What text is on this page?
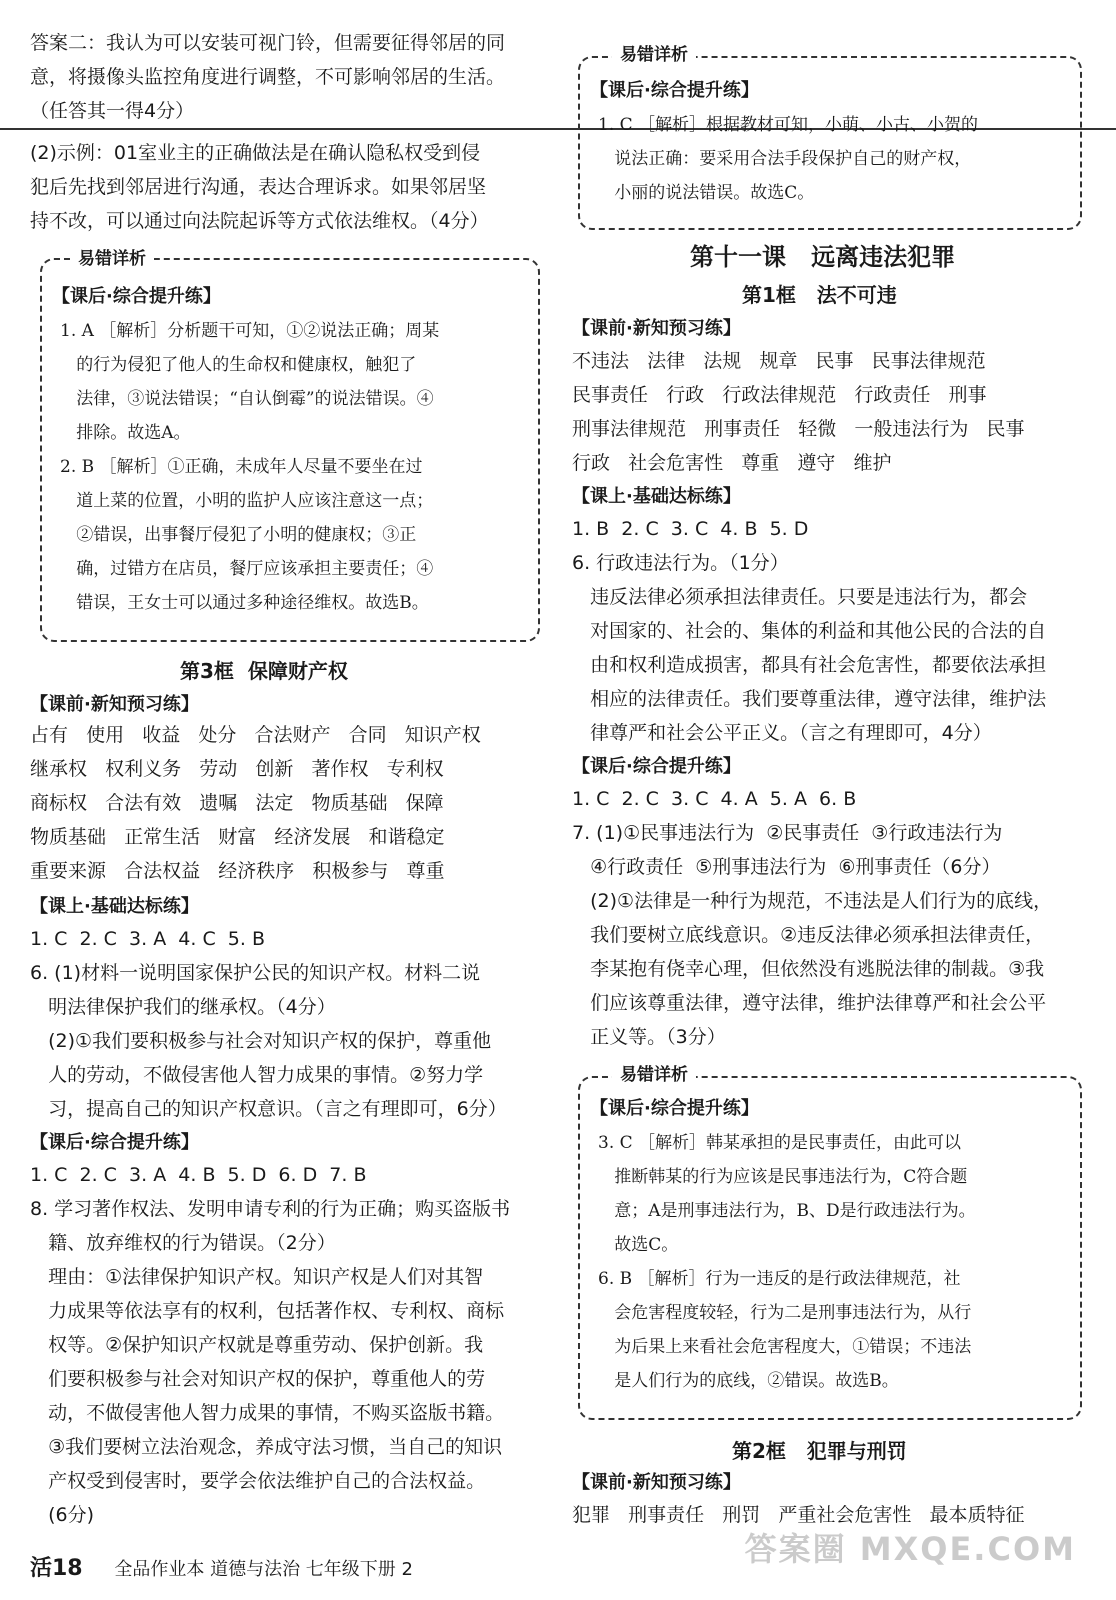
答案二：我认为可以安装可视门铃，但需要征得邻居的同
意，将摄像头监控角度进行调整，不可影响邻居的生活。
（任答其一得4分）
(2)示例：01室业主的正确做法是在确认隐私权受到侵
犯后先找到邻居进行沟通，表达合理诉求。如果邻居坚
持不改，可以通过向法院起诉等方式依法维权。（4分）
易错详析
【课后·综合提升练】
1. A ［解析］分析题干可知，①②说法正确；周某
的行为侵犯了他人的生命权和健康权，触犯了
法律，③说法错误；“自认倒霉”的说法错误。④
排除。故选A。
2. B ［解析］①正确，未成年人尽量不要坐在过
道上菜的位置，小明的监护人应该注意这一点；
②错误，出事餐厅侵犯了小明的健康权；③正
确，过错方在店员，餐厅应该承担主要责任；④
错误，王女士可以通过多种途径维权。故选B。
第3框  保障财产权
【课前·新知预习练】
占有   使用   收益   处分   合法财产   合同   知识产权
继承权   权利义务   劳动   创新   著作权   专利权
商标权   合法有效   遗嘱   法定   物质基础   保障
物质基础   正常生活   财富   经济发展   和谐稳定
重要来源   合法权益   经济秩序   积极参与   尊重
【课上·基础达标练】
1. C  2. C  3. A  4. C  5. B
6. (1)材料一说明国家保护公民的知识产权。材料二说
明法律保护我们的继承权。（4分）
(2)①我们要积极参与社会对知识产权的保护，尊重他
人的劳动，不做侵害他人智力成果的事情。②努力学
习，提高自己的知识产权意识。（言之有理即可，6分）
【课后·综合提升练】
1. C  2. C  3. A  4. B  5. D  6. D  7. B
8. 学习著作权法、发明申请专利的行为正确；购买盗版书
籍、放弃维权的行为错误。（2分）
理由：①法律保护知识产权。知识产权是人们对其智
力成果等依法享有的权利，包括著作权、专利权、商标
权等。②保护知识产权就是尊重劳动、保护创新。我
们要积极参与社会对知识产权的保护，尊重他人的劳
动，不做侵害他人智力成果的事情，不购买盗版书籍。
③我们要树立法治观念，养成守法习惯，当自己的知识
产权受到侵害时，要学会依法维护自己的合法权益。
(6分)
易错详析
【课后·综合提升练】
1. C ［解析］根据教材可知，小萌、小古、小贺的
说法正确：要采用合法手段保护自己的财产权，
小丽的说法错误。故选C。
第十一课   远离违法犯罪
第1框   法不可违
【课前·新知预习练】
不违法   法律   法规   规章   民事   民事法律规范
民事责任   行政   行政法律规范   行政责任   刑事
刑事法律规范   刑事责任   轻微   一般违法行为   民事
行政   社会危害性   尊重   遵守   维护
【课上·基础达标练】
1. B  2. C  3. C  4. B  5. D
6. 行政违法行为。（1分）
违反法律必须承担法律责任。只要是违法行为，都会
对国家的、社会的、集体的利益和其他公民的合法的自
由和权利造成损害，都具有社会危害性，都要依法承担
相应的法律责任。我们要尊重法律，遵守法律，维护法
律尊严和社会公平正义。（言之有理即可，4分）
【课后·综合提升练】
1. C  2. C  3. C  4. A  5. A  6. B
7. (1)①民事违法行为  ②民事责任  ③行政违法行为
④行政责任  ⑤刑事违法行为  ⑥刑事责任（6分）
(2)①法律是一种行为规范，不违法是人们行为的底线，
我们要树立底线意识。②违反法律必须承担法律责任，
李某抱有侥幸心理，但依然没有逃脱法律的制裁。③我
们应该尊重法律，遵守法律，维护法律尊严和社会公平
正义等。（3分）
易错详析
【课后·综合提升练】
3. C ［解析］韩某承担的是民事责任，由此可以
推断韩某的行为应该是民事违法行为，C符合题
意；A是刑事违法行为，B、D是行政违法行为。
故选C。
6. B ［解析］行为一违反的是行政法律规范，社
会危害程度较轻，行为二是刑事违法行为，从行
为后果上来看社会危害程度大，①错误；不违法
是人们行为的底线，②错误。故选B。
第2框   犯罪与刑罚
【课前·新知预习练】
犯罪   刑事责任   刑罚   严重社会危害性   最本质特征
活18 全品作业本 道德与法治 七年级下册 2
答案圈 MXQE.COM
